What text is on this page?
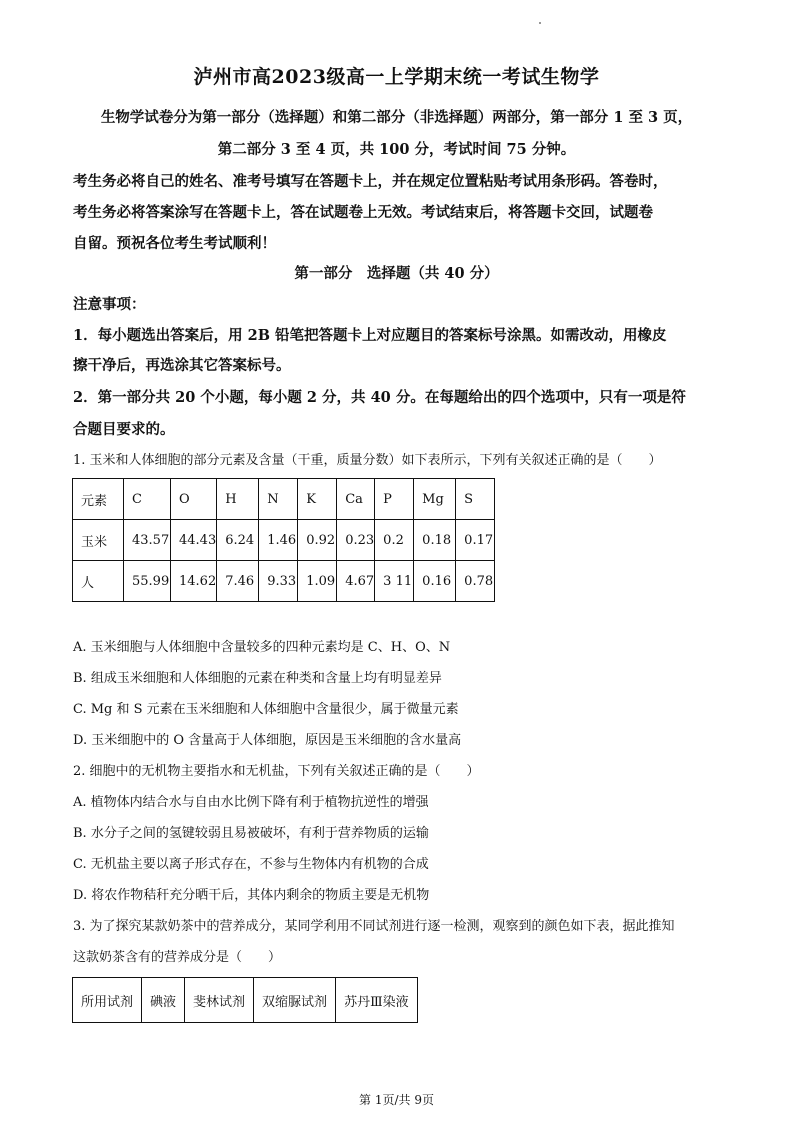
泸州市高2023级高一上学期末统一考试生物学
生物学试卷分为第一部分（选择题）和第二部分（非选择题）两部分，第一部分 1 至 3 页，
第二部分 3 至 4 页，共 100 分，考试时间 75 分钟。
考生务必将自己的姓名、准考号填写在答题卡上，并在规定位置粘贴考试用条形码。答卷时，
考生务必将答案涂写在答题卡上，答在试题卷上无效。考试结束后，将答题卡交回，试题卷
自留。预祝各位考生考试顺利！
第一部分　选择题（共 40 分）
注意事项：
1．每小题选出答案后，用 2B 铅笔把答题卡上对应题目的答案标号涂黑。如需改动，用橡皮
擦干净后，再选涂其它答案标号。
2．第一部分共 20 个小题，每小题 2 分，共 40 分。在每题给出的四个选项中，只有一项是符
合题目要求的。
1. 玉米和人体细胞的部分元素及含量（干重，质量分数）如下表所示，下列有关叙述正确的是（　　）
元素	C	O	H	N	K	Ca	P	Mg	S
玉米	43.57	44.43	6.24	1.46	0.92	0.23	0.2	0.18	0.17
人	55.99	14.62	7.46	9.33	1.09	4.67	3 11	0.16	0.78
A. 玉米细胞与人体细胞中含量较多的四种元素均是 C、H、O、N
B. 组成玉米细胞和人体细胞的元素在种类和含量上均有明显差异
C. Mg 和 S 元素在玉米细胞和人体细胞中含量很少，属于微量元素
D. 玉米细胞中的 O 含量高于人体细胞，原因是玉米细胞的含水量高
2. 细胞中的无机物主要指水和无机盐，下列有关叙述正确的是（　　）
A. 植物体内结合水与自由水比例下降有利于植物抗逆性的增强
B. 水分子之间的氢键较弱且易被破坏，有利于营养物质的运输
C. 无机盐主要以离子形式存在，不参与生物体内有机物的合成
D. 将农作物秸秆充分晒干后，其体内剩余的物质主要是无机物
3. 为了探究某款奶茶中的营养成分，某同学利用不同试剂进行逐一检测，观察到的颜色如下表，据此推知
这款奶茶含有的营养成分是（　　）
所用试剂	碘液	斐林试剂	双缩脲试剂	苏丹Ⅲ染液
第 1页/共 9页
